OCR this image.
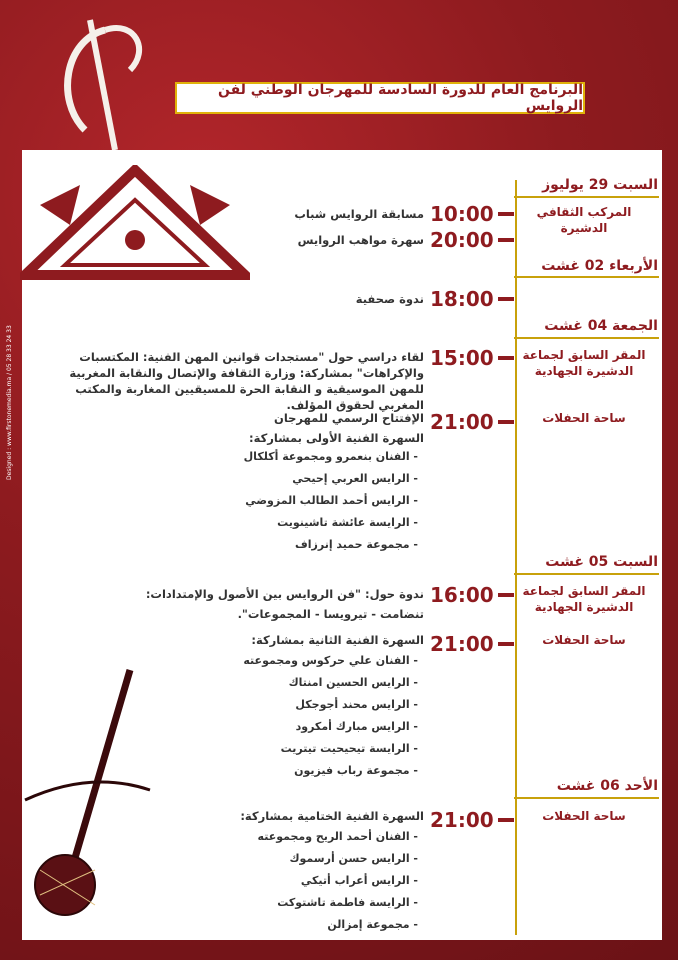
البرنامج العام للدورة السادسة للمهرجان الوطني لفن الروايس
Designed : www.firstonemedia.ma / 05 28 33 24 33
السبت 29 يوليوز
المركب الثقافي الدشيرة
10:00
مسابقة الروايس شباب
20:00
سهرة مواهب الروايس
الأربعاء 02 غشت
18:00
ندوة صحفية
الجمعة 04 غشت
المقر السابق لجماعة الدشيرة الجهادية
15:00
لقاء دراسي حول "مستجدات قوانين المهن الفنية: المكتسبات والإكراهات" بمشاركة: وزارة الثقافة والإتصال والنقابة المغربية للمهن الموسيقية و النقابة الحرة للمسيقيين المغاربة والمكتب المغربي لحقوق المؤلف.
ساحة الحفلات
21:00
الإفتتاح الرسمي للمهرجان
السهرة الفنية الأولى بمشاركة:
- الفنان بنعمرو ومجموعة أكلكال
- الرايس العربي إحيحي
- الرايس أحمد الطالب المزوضي
- الرايسة عائشة تاشينويت
- مجموعة حميد إنرزاف
السبت 05 غشت
المقر السابق لجماعة الدشيرة الجهادية
16:00
ندوة حول: "فن الروايس بين الأصول والإمتدادات:
تنضامت - تيرويسا - المجموعات".
ساحة الحفلات
21:00
السهرة الفنية الثانية بمشاركة:
- الفنان علي حركوس ومجموعته
- الرايس الحسين امنتاك
- الرايس محند أجوجكل
- الرايس مبارك أمكرود
- الرايسة تيحيحيت تيتريت
- مجموعة رباب فيزيون
الأحد 06 غشت
ساحة الحفلات
21:00
السهرة الفنية الختامية بمشاركة:
- الفنان أحمد الريح ومجموعته
- الرايس حسن أرسموك
- الرايس أعراب أتيكي
- الرايسة فاطمة تاشتوكت
- مجموعة إمزالن
